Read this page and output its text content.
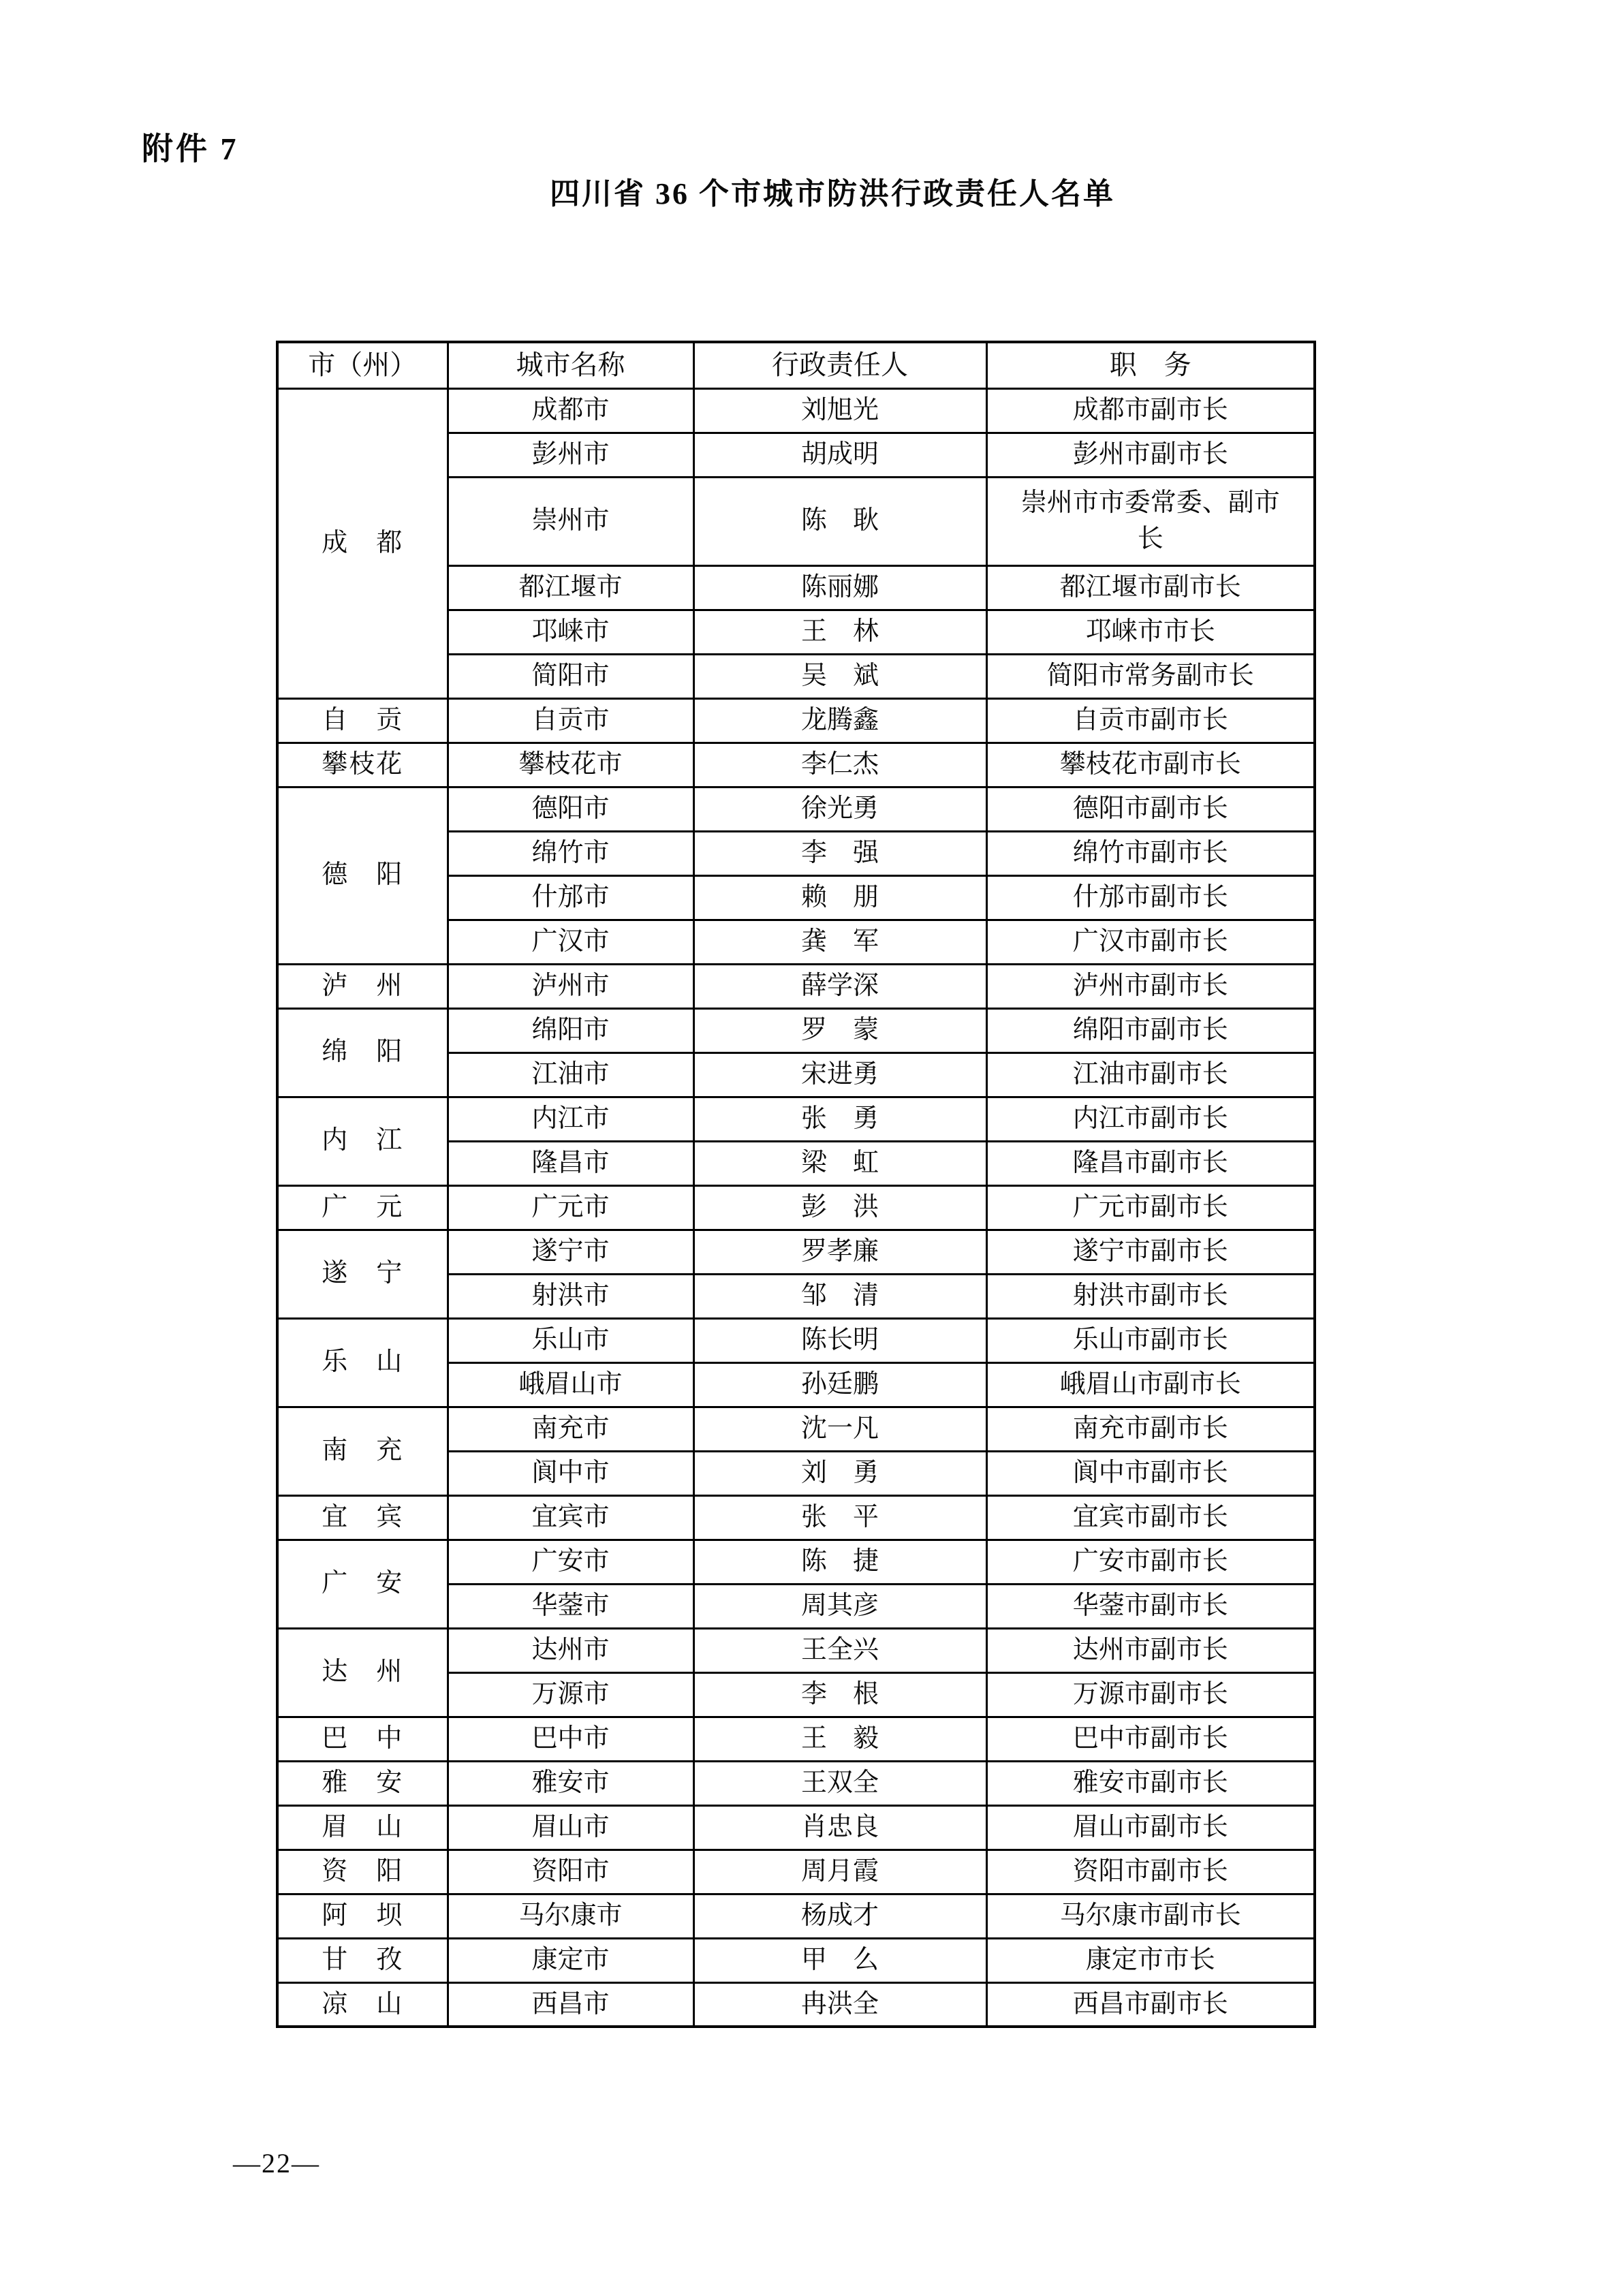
附件 7
四川省 36 个市城市防洪行政责任人名单
市（州）	城市名称	行政责任人	职　务
成　都	成都市	刘旭光	成都市副市长
	彭州市	胡成明	彭州市副市长
	崇州市	陈　耿	崇州市市委常委、副市长
	都江堰市	陈丽娜	都江堰市副市长
	邛崃市	王　林	邛崃市市长
	简阳市	吴　斌	简阳市常务副市长
自　贡	自贡市	龙腾鑫	自贡市副市长
攀枝花	攀枝花市	李仁杰	攀枝花市副市长
德　阳	德阳市	徐光勇	德阳市副市长
	绵竹市	李　强	绵竹市副市长
	什邡市	赖　朋	什邡市副市长
	广汉市	龚　军	广汉市副市长
泸　州	泸州市	薛学深	泸州市副市长
绵　阳	绵阳市	罗　蒙	绵阳市副市长
	江油市	宋进勇	江油市副市长
内　江	内江市	张　勇	内江市副市长
	隆昌市	梁　虹	隆昌市副市长
广　元	广元市	彭　洪	广元市副市长
遂　宁	遂宁市	罗孝廉	遂宁市副市长
	射洪市	邹　清	射洪市副市长
乐　山	乐山市	陈长明	乐山市副市长
	峨眉山市	孙廷鹏	峨眉山市副市长
南　充	南充市	沈一凡	南充市副市长
	阆中市	刘　勇	阆中市副市长
宜　宾	宜宾市	张　平	宜宾市副市长
广　安	广安市	陈　捷	广安市副市长
	华蓥市	周其彦	华蓥市副市长
达　州	达州市	王全兴	达州市副市长
	万源市	李　根	万源市副市长
巴　中	巴中市	王　毅	巴中市副市长
雅　安	雅安市	王双全	雅安市副市长
眉　山	眉山市	肖忠良	眉山市副市长
资　阳	资阳市	周月霞	资阳市副市长
阿　坝	马尔康市	杨成才	马尔康市副市长
甘　孜	康定市	甲　么	康定市市长
凉　山	西昌市	冉洪全	西昌市副市长
—22—
